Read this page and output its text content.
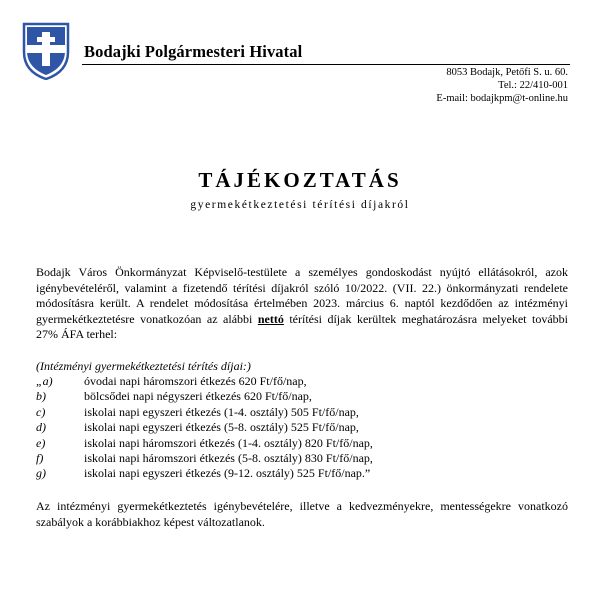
Bodajki Polgármesteri Hivatal
8053 Bodajk, Petőfi S. u. 60.
Tel.: 22/410-001
E-mail: bodajkpm@t-online.hu
TÁJÉKOZTATÁS
gyermekétkeztetési térítési díjakról

Bodajk Város Önkormányzat Képviselő-testülete a személyes gondoskodást nyújtó ellátásokról, azok igénybevételéről, valamint a fizetendő térítési díjakról szóló 10/2022. (VII. 22.) önkormányzati rendelete módosításra került. A rendelet módosítása értelmében 2023. március 6. naptól kezdődően az intézményi gyermekétkeztetésre vonatkozóan az alábbi nettó térítési díjak kerültek meghatározásra melyeket további 27% ÁFA terhel:

(Intézményi gyermekétkeztetési térítés díjai:)
„a)	óvodai napi háromszori étkezés 620 Ft/fő/nap,
b)	bölcsődei napi négyszeri étkezés 620 Ft/fő/nap,
c)	iskolai napi egyszeri étkezés (1-4. osztály) 505 Ft/fő/nap,
d)	iskolai napi egyszeri étkezés (5-8. osztály) 525 Ft/fő/nap,
e)	iskolai napi háromszori étkezés (1-4. osztály) 820 Ft/fő/nap,
f)	iskolai napi háromszori étkezés (5-8. osztály) 830 Ft/fő/nap,
g)	iskolai napi egyszeri étkezés (9-12. osztály) 525 Ft/fő/nap.”

Az intézményi gyermekétkeztetés igénybevételére, illetve a kedvezményekre, mentességekre vonatkozó szabályok a korábbiakhoz képest változatlanok.
